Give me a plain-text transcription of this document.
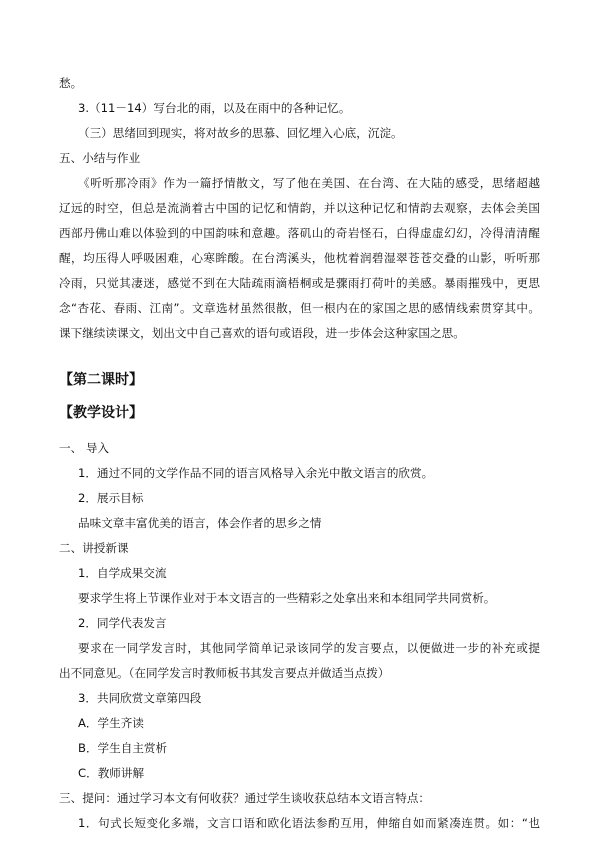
愁。
3.（11－14）写台北的雨，以及在雨中的各种记忆。
（三）思绪回到现实，将对故乡的思慕、回忆埋入心底，沉淀。
五、小结与作业
《听听那冷雨》作为一篇抒情散文，写了他在美国、在台湾、在大陆的感受，思绪超越
辽远的时空，但总是流淌着古中国的记忆和情韵，并以这种记忆和情韵去观察，去体会美国
西部丹佛山难以体验到的中国韵味和意趣。落矶山的奇岩怪石，白得虚虚幻幻，冷得清清醒
醒，均压得人呼吸困难，心寒眸酸。在台湾溪头，他枕着润碧湿翠苍苍交叠的山影，听听那
冷雨，只觉其凄迷，感觉不到在大陆疏雨滴梧桐或是骤雨打荷叶的美感。暴雨摧残中，更思
念“杏花、春雨、江南”。文章选材虽然很散，但一根内在的家国之思的感情线索贯穿其中。
课下继续读课文，划出文中自己喜欢的语句或语段，进一步体会这种家国之思。
【第二课时】
【教学设计】
一、 导入
1．通过不同的文学作品不同的语言风格导入余光中散文语言的欣赏。
2．展示目标
品味文章丰富优美的语言，体会作者的思乡之情
二、讲授新课
1．自学成果交流
要求学生将上节课作业对于本文语言的一些精彩之处拿出来和本组同学共同赏析。
2．同学代表发言
要求在一同学发言时，其他同学简单记录该同学的发言要点，以便做进一步的补充或提
出不同意见。（在同学发言时教师板书其发言要点并做适当点拨）
3．共同欣赏文章第四段
A．学生齐读
B．学生自主赏析
C．教师讲解
三、提问：通过学习本文有何收获？通过学生谈收获总结本文语言特点：
1．句式长短变化多端，文言口语和欧化语法参酌互用，伸缩自如而紧凑连贯。如：“也
